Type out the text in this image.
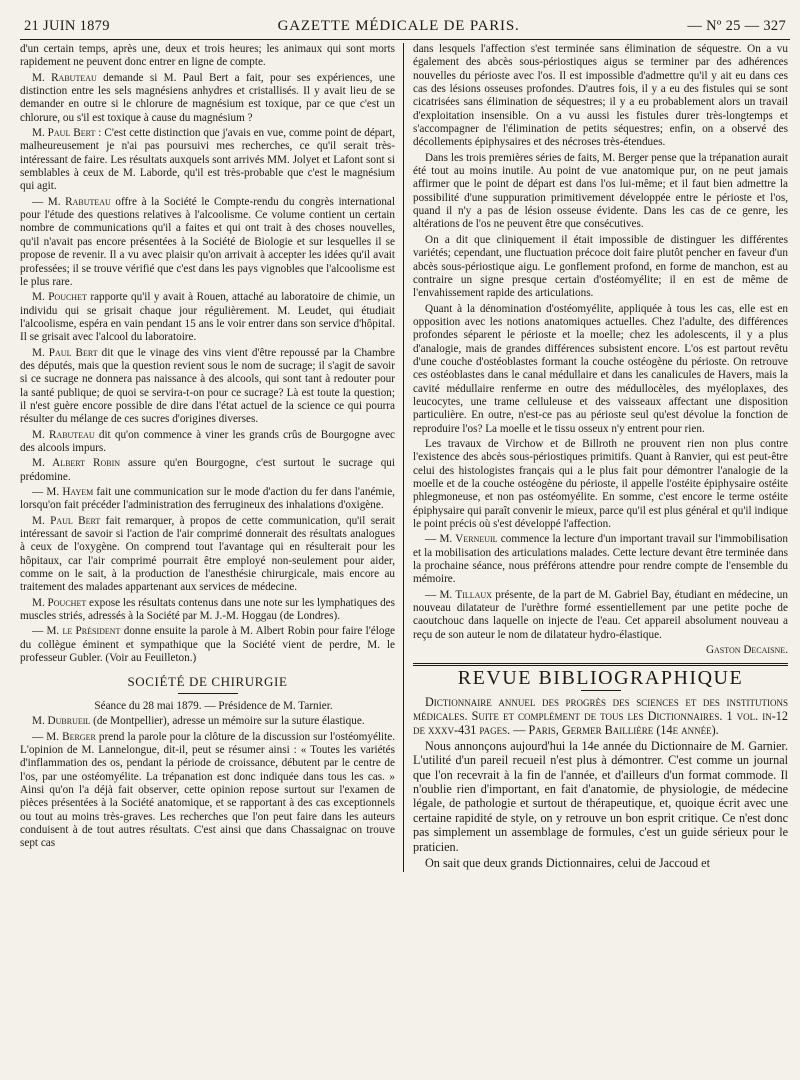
21 JUIN 1879	GAZETTE MÉDICALE DE PARIS.	— Nº 25 — 327

d'un certain temps, après une, deux et trois heures; les animaux qui sont morts rapidement ne peuvent donc entrer en ligne de compte.

M. Rabuteau demande si M. Paul Bert a fait, pour ses expériences, une distinction entre les sels magnésiens anhydres et cristallisés. Il y avait lieu de se demander en outre si le chlorure de magnésium est toxique, par ce que c'est un chlorure, ou s'il est toxique à cause du magnésium ?

M. Paul Bert : C'est cette distinction que j'avais en vue, comme point de départ, malheureusement je n'ai pas poursuivi mes recherches, ce qu'il serait très-intéressant de faire. Les résultats auxquels sont arrivés MM. Jolyet et Lafont sont si semblables à ceux de M. Laborde, qu'il est très-probable que c'est le magnésium qui agit.

— M. Rabuteau offre à la Société le Compte-rendu du congrès international pour l'étude des questions relatives à l'alcoolisme. Ce volume contient un certain nombre de communications qu'il a faites et qui ont trait à des choses nouvelles, qu'il n'avait pas encore présentées à la Société de Biologie et sur lesquelles il se propose de revenir. Il a vu avec plaisir qu'on arrivait à accepter les idées qu'il avait professées; il se trouve vérifié que c'est dans les pays vignobles que l'alcoolisme est le plus rare.

M. Pouchet rapporte qu'il y avait à Rouen, attaché au laboratoire de chimie, un individu qui se grisait chaque jour régulièrement. M. Leudet, qui étudiait l'alcoolisme, espéra en vain pendant 15 ans le voir entrer dans son service d'hôpital. Il se grisait avec l'alcool du laboratoire.

M. Paul Bert dit que le vinage des vins vient d'être repoussé par la Chambre des députés, mais que la question revient sous le nom de sucrage; il s'agit de savoir si ce sucrage ne donnera pas naissance à des alcools, qui sont tant à redouter pour la santé publique; de quoi se servira-t-on pour ce sucrage? Là est toute la question; il n'est guère encore possible de dire dans l'état actuel de la science ce qui pourra résulter du mélange de ces sucres d'origines diverses.

M. Rabuteau dit qu'on commence à viner les grands crûs de Bourgogne avec des alcools impurs.

M. Albert Robin assure qu'en Bourgogne, c'est surtout le sucrage qui prédomine.

— M. Hayem fait une communication sur le mode d'action du fer dans l'anémie, lorsqu'on fait précéder l'administration des ferrugineux des inhalations d'oxigène.

M. Paul Bert fait remarquer, à propos de cette communication, qu'il serait intéressant de savoir si l'action de l'air comprimé donnerait des résultats analogues à ceux de l'oxygène. On comprend tout l'avantage qui en résulterait pour les hôpitaux, car l'air comprimé pourrait être employé non-seulement pour aider, comme on le sait, à la production de l'anesthésie chirurgicale, mais encore au traitement des malades appartenant aux services de médecine.

M. Pouchet expose les résultats contenus dans une note sur les lymphatiques des muscles striés, adressés à la Société par M. J.-M. Hoggau (de Londres).

— M. le Président donne ensuite la parole à M. Albert Robin pour faire l'éloge du collègue éminent et sympathique que la Société vient de perdre, M. le professeur Gubler. (Voir au Feuilleton.)

SOCIÉTÉ DE CHIRURGIE

Séance du 28 mai 1879. — Présidence de M. Tarnier.

M. Dubrueil (de Montpellier), adresse un mémoire sur la suture élastique.

— M. Berger prend la parole pour la clôture de la discussion sur l'ostéomyélite. L'opinion de M. Lannelongue, dit-il, peut se résumer ainsi : « Toutes les variétés d'inflammation des os, pendant la période de croissance, débutent par le centre de l'os, par une ostéomyélite. La trépanation est donc indiquée dans tous les cas. » Ainsi qu'on l'a déjà fait observer, cette opinion repose surtout sur l'examen de pièces présentées à la Société anatomique, et se rapportant à des cas exceptionnels ou tout au moins très-graves. Les recherches que l'on peut faire dans les auteurs conduisent à de tout autres résultats. C'est ainsi que dans Chassaignac on trouve sept cas

dans lesquels l'affection s'est terminée sans élimination de séquestre. On a vu également des abcès sous-périostiques aigus se terminer par des adhérences nouvelles du périoste avec l'os. Il est impossible d'admettre qu'il y ait eu dans ces cas des lésions osseuses profondes. D'autres fois, il y a eu des fistules qui se sont cicatrisées sans élimination de séquestres; il y a eu probablement alors un travail d'exploitation insensible. On a vu aussi les fistules durer très-longtemps et s'accompagner de l'élimination de petits séquestres; enfin, on a observé des décollements épiphysaires et des nécroses très-étendues.

Dans les trois premières séries de faits, M. Berger pense que la trépanation aurait été tout au moins inutile. Au point de vue anatomique pur, on ne peut jamais affirmer que le point de départ est dans l'os lui-même; et il faut bien admettre la possibilité d'une suppuration primitivement développée entre le périoste et l'os, quand il n'y a pas de lésion osseuse évidente. Dans les cas de ce genre, les altérations de l'os ne peuvent être que consécutives.

On a dit que cliniquement il était impossible de distinguer les différentes variétés; cependant, une fluctuation précoce doit faire plutôt pencher en faveur d'un abcès sous-périostique aigu. Le gonflement profond, en forme de manchon, est au contraire un signe presque certain d'ostéomyélite; il en est de même de l'envahissement rapide des articulations.

Quant à la dénomination d'ostéomyélite, appliquée à tous les cas, elle est en opposition avec les notions anatomiques actuelles. Chez l'adulte, des différences profondes séparent le périoste et la moelle; chez les adolescents, il y a plus d'analogie, mais de grandes différences subsistent encore. L'os est partout revêtu d'une couche d'ostéoblastes formant la couche ostéogène du périoste. On retrouve ces ostéoblastes dans le canal médullaire et dans les canalicules de Havers, mais la cavité médullaire renferme en outre des médullocèles, des myéloplaxes, des leucocytes, une trame celluleuse et des vaisseaux affectant une disposition particulière. En outre, n'est-ce pas au périoste seul qu'est dévolue la fonction de reproduire l'os? La moelle et le tissu osseux n'y entrent pour rien.

Les travaux de Virchow et de Billroth ne prouvent rien non plus contre l'existence des abcès sous-périostiques primitifs. Quant à Ranvier, qui est peut-être celui des histologistes français qui a le plus fait pour démontrer l'analogie de la moelle et de la couche ostéogène du périoste, il appelle l'ostéite épiphysaire ostéite phlegmoneuse, et non pas ostéomyélite. En somme, c'est encore le terme ostéite épiphysaire qui paraît convenir le mieux, parce qu'il est plus général et qu'il indique le point précis où s'est développé l'affection.

— M. Verneuil commence la lecture d'un important travail sur l'immobilisation et la mobilisation des articulations malades. Cette lecture devant être terminée dans la prochaine séance, nous préférons attendre pour rendre compte de l'ensemble du mémoire.

— M. Tillaux présente, de la part de M. Gabriel Bay, étudiant en médecine, un nouveau dilatateur de l'urèthre formé essentiellement par une petite poche de caoutchouc dans laquelle on injecte de l'eau. Cet appareil absolument nouveau a reçu de son auteur le nom de dilatateur hydro-élastique.

Gaston Decaisne.

REVUE BIBLIOGRAPHIQUE

Dictionnaire annuel des progrès des sciences et des institutions médicales. Suite et complément de tous les Dictionnaires. 1 vol. in-12 de xxxv-431 pages. — Paris, Germer Baillière (14e année).

Nous annonçons aujourd'hui la 14e année du Dictionnaire de M. Garnier. L'utilité d'un pareil recueil n'est plus à démontrer. C'est comme un journal que l'on recevrait à la fin de l'année, et d'ailleurs d'un format commode. Il n'oublie rien d'important, en fait d'anatomie, de physiologie, de médecine légale, de pathologie et surtout de thérapeutique, et, quoique écrit avec une certaine rapidité de style, on y retrouve un bon esprit critique. Ce n'est donc pas simplement un assemblage de formules, c'est un guide sérieux pour le praticien.

On sait que deux grands Dictionnaires, celui de Jaccoud et
